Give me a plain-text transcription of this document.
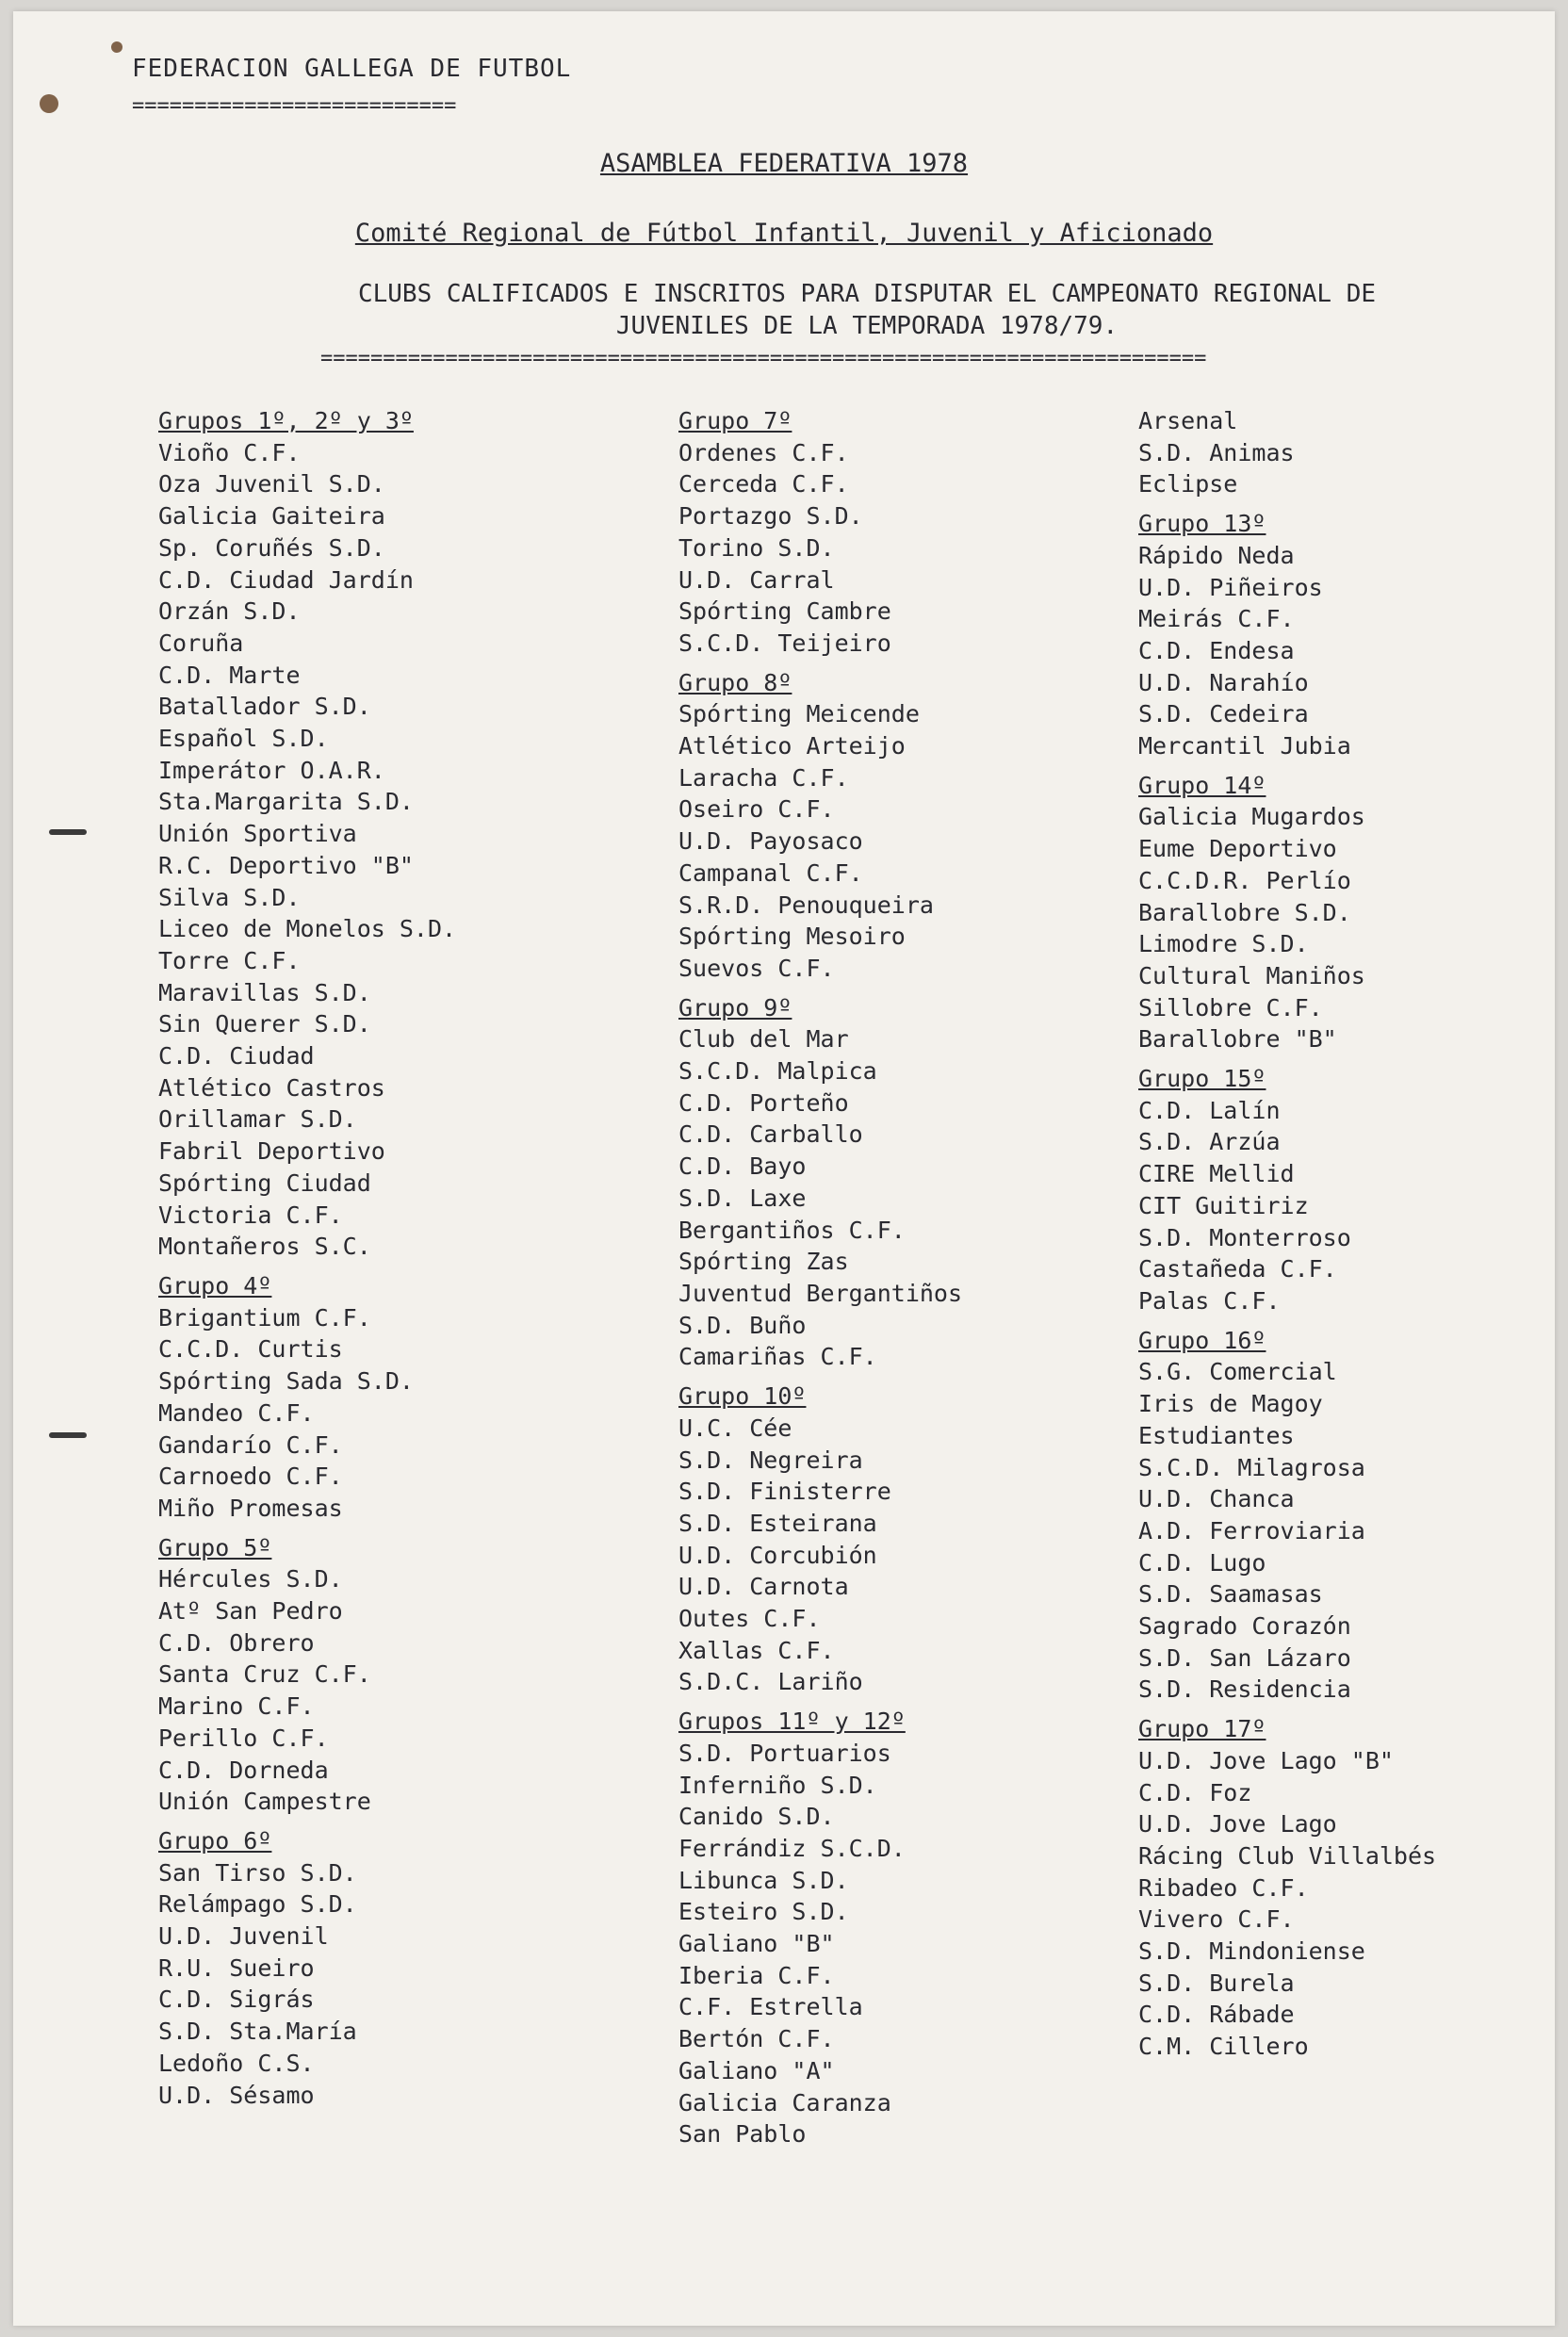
FEDERACION GALLEGA DE FUTBOL
==========================
ASAMBLEA FEDERATIVA 1978
Comité Regional de Fútbol Infantil, Juvenil y Aficionado
CLUBS CALIFICADOS E INSCRITOS PARA DISPUTAR EL CAMPEONATO REGIONAL DE
JUVENILES DE LA TEMPORADA 1978/79.
=======================================================================
Grupos 1º, 2º y 3º
Vioño C.F.
Oza Juvenil S.D.
Galicia Gaiteira
Sp. Coruñés S.D.
C.D. Ciudad Jardín
Orzán S.D.
Coruña
C.D. Marte
Batallador S.D.
Español S.D.
Imperátor O.A.R.
Sta.Margarita S.D.
Unión Sportiva
R.C. Deportivo "B"
Silva S.D.
Liceo de Monelos S.D.
Torre C.F.
Maravillas S.D.
Sin Querer S.D.
C.D. Ciudad
Atlético Castros
Orillamar S.D.
Fabril Deportivo
Spórting Ciudad
Victoria C.F.
Montañeros S.C.
Grupo 4º
Brigantium C.F.
C.C.D. Curtis
Spórting Sada S.D.
Mandeo C.F.
Gandarío C.F.
Carnoedo C.F.
Miño Promesas
Grupo 5º
Hércules S.D.
Atº San Pedro
C.D. Obrero
Santa Cruz C.F.
Marino C.F.
Perillo C.F.
C.D. Dorneda
Unión Campestre
Grupo 6º
San Tirso S.D.
Relámpago S.D.
U.D. Juvenil
R.U. Sueiro
C.D. Sigrás
S.D. Sta.María
Ledoño C.S.
U.D. Sésamo
Grupo 7º
Ordenes C.F.
Cerceda C.F.
Portazgo S.D.
Torino S.D.
U.D. Carral
Spórting Cambre
S.C.D. Teijeiro
Grupo 8º
Spórting Meicende
Atlético Arteijo
Laracha C.F.
Oseiro C.F.
U.D. Payosaco
Campanal C.F.
S.R.D. Penouqueira
Spórting Mesoiro
Suevos C.F.
Grupo 9º
Club del Mar
S.C.D. Malpica
C.D. Porteño
C.D. Carballo
C.D. Bayo
S.D. Laxe
Bergantiños C.F.
Spórting Zas
Juventud Bergantiños
S.D. Buño
Camariñas C.F.
Grupo 10º
U.C. Cée
S.D. Negreira
S.D. Finisterre
S.D. Esteirana
U.D. Corcubión
U.D. Carnota
Outes C.F.
Xallas C.F.
S.D.C. Lariño
Grupos 11º y 12º
S.D. Portuarios
Inferniño S.D.
Canido S.D.
Ferrándiz S.C.D.
Libunca S.D.
Esteiro S.D.
Galiano "B"
Iberia C.F.
C.F. Estrella
Bertón C.F.
Galiano "A"
Galicia Caranza
San Pablo
Arsenal
S.D. Animas
Eclipse
Grupo 13º
Rápido Neda
U.D. Piñeiros
Meirás C.F.
C.D. Endesa
U.D. Narahío
S.D. Cedeira
Mercantil Jubia
Grupo 14º
Galicia Mugardos
Eume Deportivo
C.C.D.R. Perlío
Barallobre S.D.
Limodre S.D.
Cultural Maniños
Sillobre C.F.
Barallobre "B"
Grupo 15º
C.D. Lalín
S.D. Arzúa
CIRE Mellid
CIT Guitiriz
S.D. Monterroso
Castañeda C.F.
Palas C.F.
Grupo 16º
S.G. Comercial
Iris de Magoy
Estudiantes
S.C.D. Milagrosa
U.D. Chanca
A.D. Ferroviaria
C.D. Lugo
S.D. Saamasas
Sagrado Corazón
S.D. San Lázaro
S.D. Residencia
Grupo 17º
U.D. Jove Lago "B"
C.D. Foz
U.D. Jove Lago
Rácing Club Villalbés
Ribadeo C.F.
Vivero C.F.
S.D. Mindoniense
S.D. Burela
C.D. Rábade
C.M. Cillero
